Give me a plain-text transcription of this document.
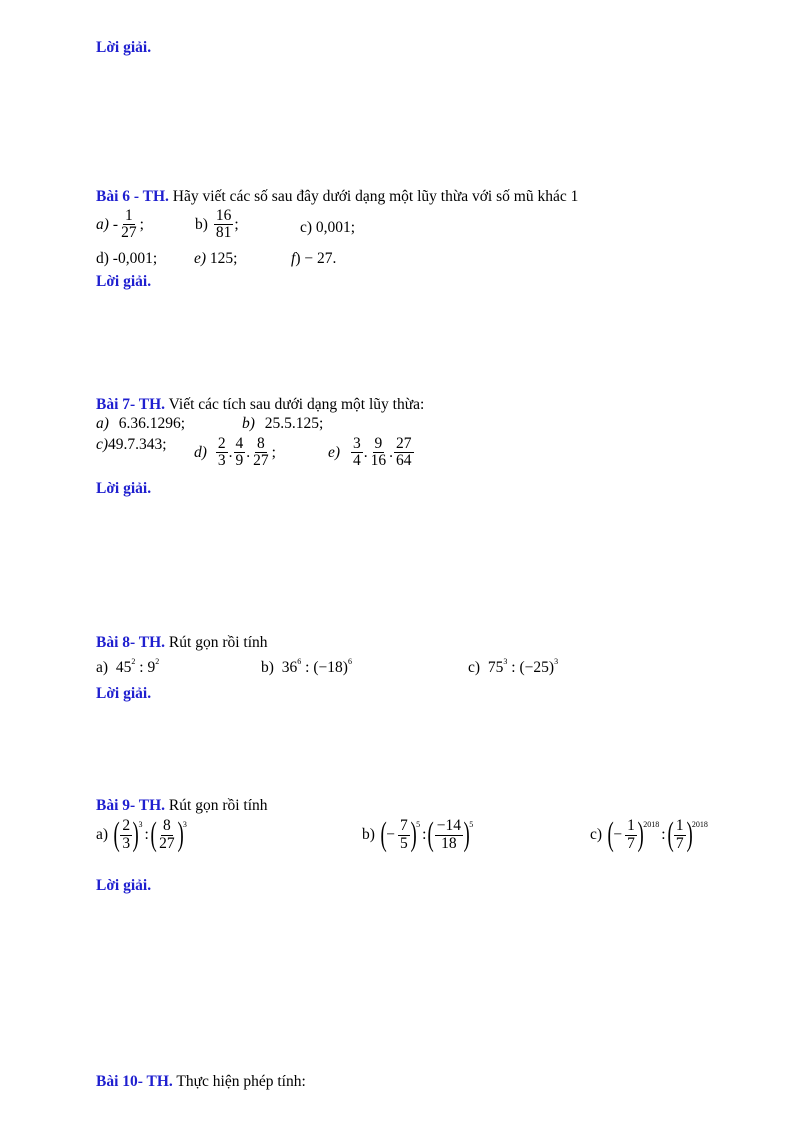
Lời giải.
Bài 6 - TH. Hãy viết các số sau đây dưới dạng một lũy thừa với số mũ khác 1
$a) - \frac{1}{27}$ ;	$b) \frac{16}{81}$ ;	c) 0,001;
d) -0,001; e) 125;	f) − 27.
Lời giải.
Bài 7- TH. Viết các tích sau dưới dạng một lũy thừa:
a) 6.36.1296;	b) 25.5.125;
c) 49.7.343; $d) \frac{2}{3}$ . $\frac{4}{9}$ . $\frac{8}{27}$ ;	$e) \frac{3}{4}$ . $\frac{9}{16}$ . $\frac{27}{64}$
Lời giải.
Bài 8- TH. Rút gọn rồi tính
a) $45^2$ : $9^2$	b) $36^6$ : $(-18)^6$	c) $75^3$ : $(-25)^3$
Lời giải.
Bài 9- TH. Rút gọn rồi tính
a) ( $\frac{2}{3}$ ) 3
: ( $\frac{8}{27}$ ) 3
b) ( − $\frac{7}{5}$ ) 5
: ( $\frac{-14}{18}$ ) 5
c) ( − $\frac{1}{7}$ ) 2018
: ( $\frac{1}{7}$ ) 2018
Lời giải.
Bài 10- TH. Thực hiện phép tính:
